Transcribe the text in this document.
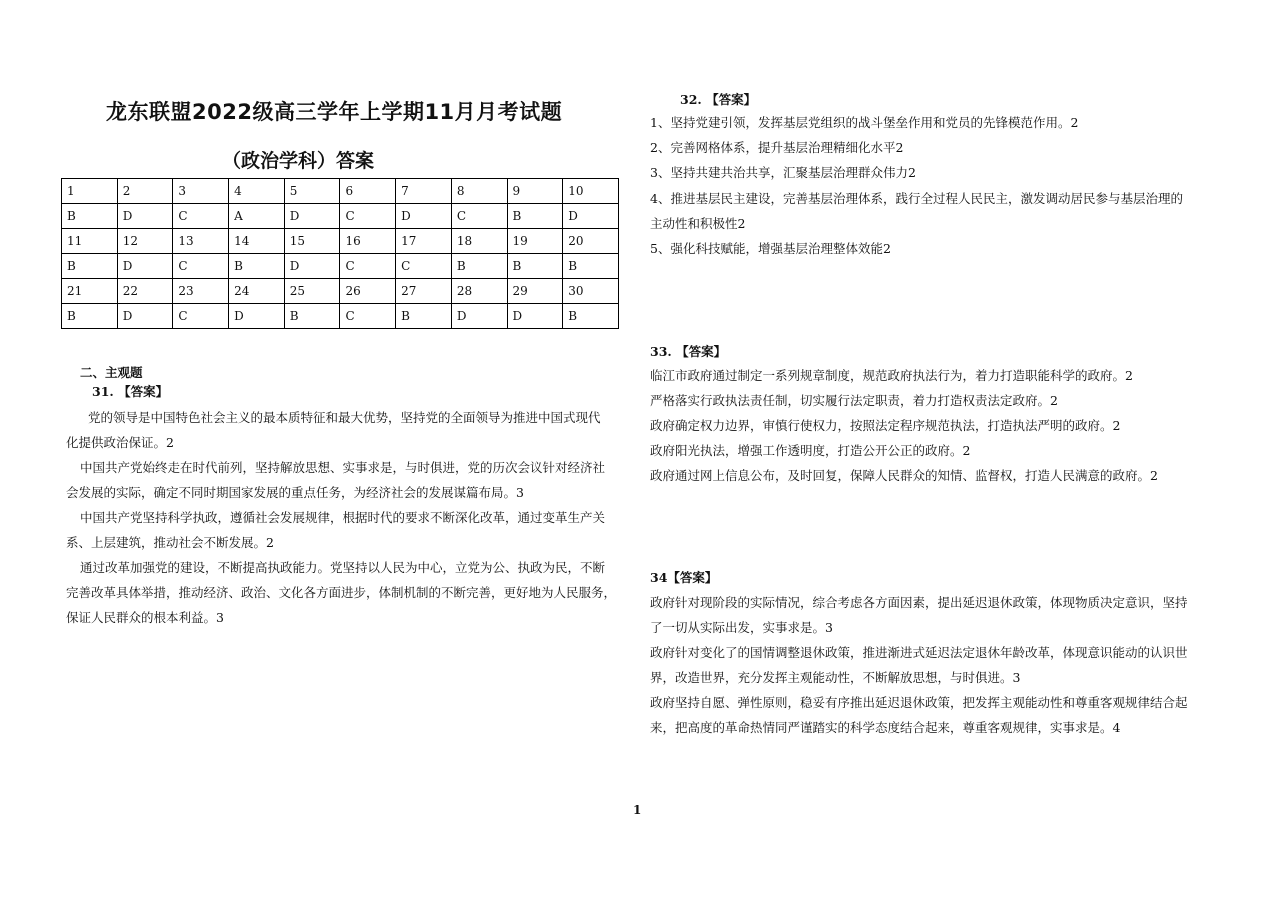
龙东联盟2022级高三学年上学期11月月考试题
（政治学科）答案
1	2	3	4	5	6	7	8	9	10
B	D	C	A	D	C	D	C	B	D
11	12	13	14	15	16	17	18	19	20
B	D	C	B	D	C	C	B	B	B
21	22	23	24	25	26	27	28	29	30
B	D	C	D	B	C	B	D	D	B
二、主观题
31. 【答案】
党的领导是中国特色社会主义的最本质特征和最大优势，坚持党的全面领导为推进中国式现代
化提供政治保证。2
中国共产党始终走在时代前列，坚持解放思想、实事求是，与时俱进，党的历次会议针对经济社
会发展的实际，确定不同时期国家发展的重点任务，为经济社会的发展谋篇布局。3
中国共产党坚持科学执政，遵循社会发展规律，根据时代的要求不断深化改革，通过变革生产关
系、上层建筑，推动社会不断发展。2
通过改革加强党的建设，不断提高执政能力。党坚持以人民为中心，立党为公、执政为民，不断
完善改革具体举措，推动经济、政治、文化各方面进步，体制机制的不断完善，更好地为人民服务，
保证人民群众的根本利益。3
32. 【答案】
1、坚持党建引领，发挥基层党组织的战斗堡垒作用和党员的先锋模范作用。2
2、完善网格体系，提升基层治理精细化水平2
3、坚持共建共治共享，汇聚基层治理群众伟力2
4、推进基层民主建设，完善基层治理体系，践行全过程人民民主，激发调动居民参与基层治理的
主动性和积极性2
5、强化科技赋能，增强基层治理整体效能2
33. 【答案】
临江市政府通过制定一系列规章制度，规范政府执法行为，着力打造职能科学的政府。2
严格落实行政执法责任制，切实履行法定职责，着力打造权责法定政府。2
政府确定权力边界，审慎行使权力，按照法定程序规范执法，打造执法严明的政府。2
政府阳光执法，增强工作透明度，打造公开公正的政府。2
政府通过网上信息公布，及时回复，保障人民群众的知情、监督权，打造人民满意的政府。2
34【答案】
政府针对现阶段的实际情况，综合考虑各方面因素，提出延迟退休政策，体现物质决定意识，坚持
了一切从实际出发，实事求是。3
政府针对变化了的国情调整退休政策，推进渐进式延迟法定退休年龄改革，体现意识能动的认识世
界，改造世界，充分发挥主观能动性，不断解放思想，与时俱进。3
政府坚持自愿、弹性原则，稳妥有序推出延迟退休政策，把发挥主观能动性和尊重客观规律结合起
来，把高度的革命热情同严谨踏实的科学态度结合起来，尊重客观规律，实事求是。4
1
